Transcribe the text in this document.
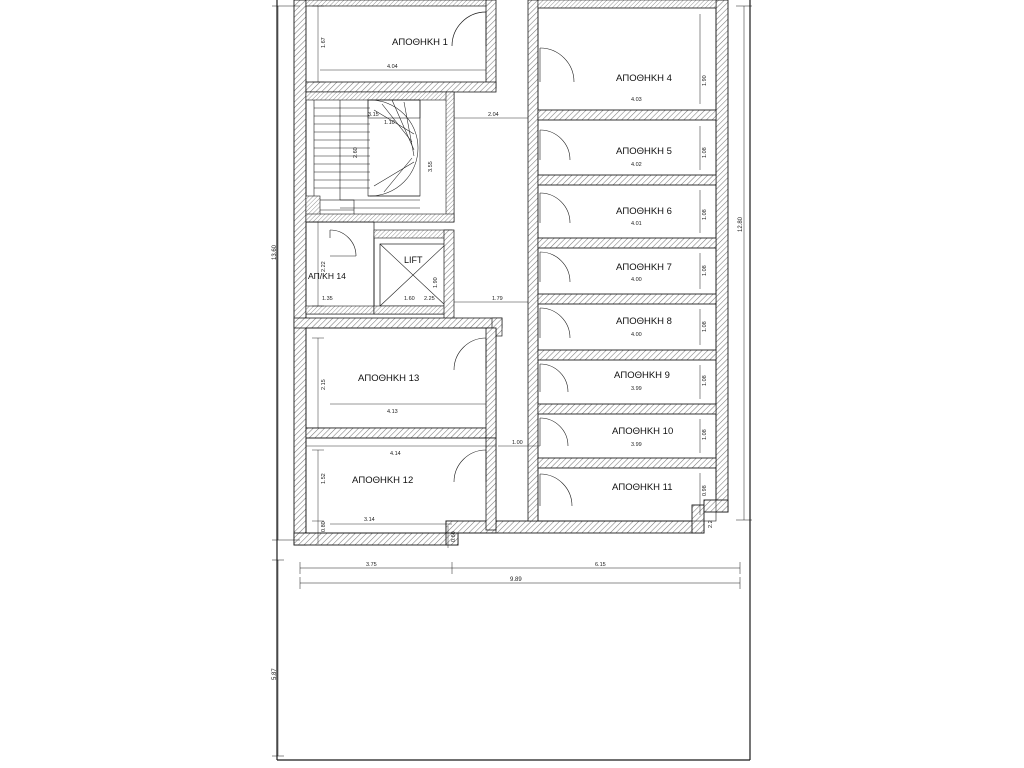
ΑΠΟΘΗΚΗ 1
ΑΠΟΘΗΚΗ 4
ΑΠΟΘΗΚΗ 5
ΑΠΟΘΗΚΗ 6
ΑΠΟΘΗΚΗ 7
ΑΠΟΘΗΚΗ 8
ΑΠΟΘΗΚΗ 9
ΑΠΟΘΗΚΗ 10
ΑΠΟΘΗΚΗ 11
ΑΠΟΘΗΚΗ 13
ΑΠΟΘΗΚΗ 12
ΑΠ/ΚΗ 14
LIFT
4.04
4.03
4.02
4.01
4.00
4.00
3.99
3.99
4.13
4.14
3.14
1.60
1.35	2.25
2.04
1.79
1.00
3.15
1.10
3.75	6.15
9.89
13.60
5.87
12.80
1.67
2.22
2.15
1.52
0.80
0.60
2.60
3.55
1.90
1.90
1.08
1.08
1.08
1.08
1.08
1.08
0.98
2.2
